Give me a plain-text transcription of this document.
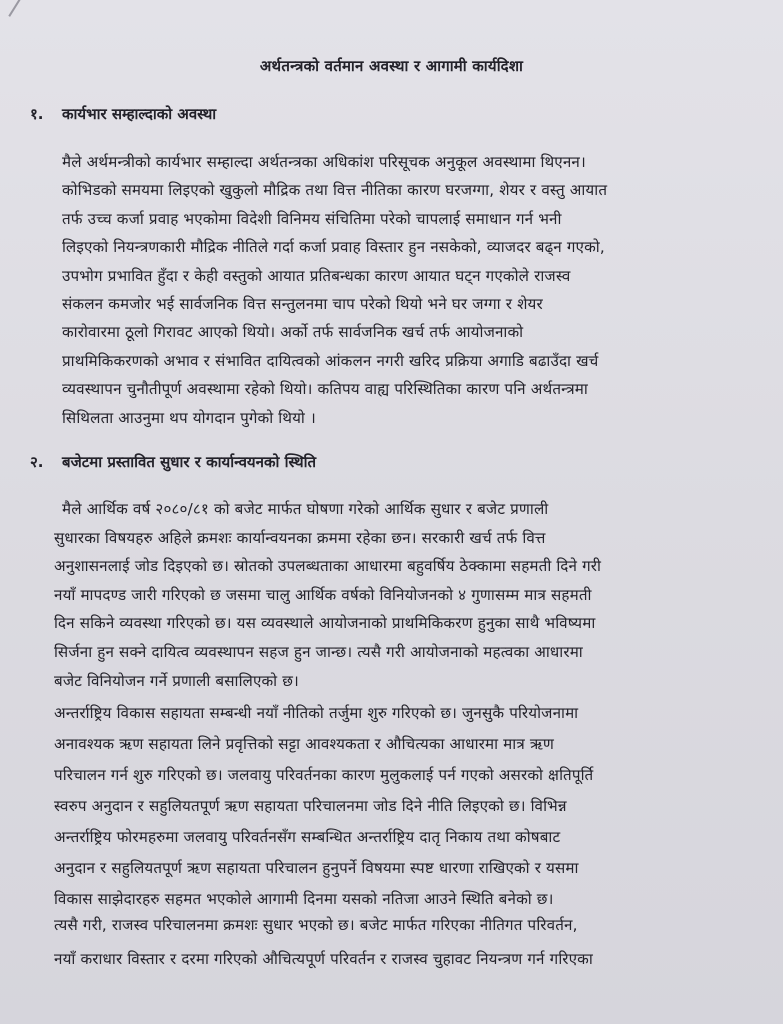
अर्थतन्त्रको वर्तमान अवस्था र आगामी कार्यदिशा
१. कार्यभार सम्हाल्दाको अवस्था
मैले अर्थमन्त्रीको कार्यभार सम्हाल्दा अर्थतन्त्रका अधिकांश परिसूचक अनुकूल अवस्थामा थिएनन।
कोभिडको समयमा लिइएको खुकुलो मौद्रिक तथा वित्त नीतिका कारण घरजग्गा, शेयर र वस्तु आयात
तर्फ उच्च कर्जा प्रवाह भएकोमा विदेशी विनिमय संचितिमा परेको चापलाई समाधान गर्न भनी
लिइएको नियन्त्रणकारी मौद्रिक नीतिले गर्दा कर्जा प्रवाह विस्तार हुन नसकेको, व्याजदर बढ्न गएको,
उपभोग प्रभावित हुँदा र केही वस्तुको आयात प्रतिबन्धका कारण आयात घट्न गएकोले राजस्व
संकलन कमजोर भई सार्वजनिक वित्त सन्तुलनमा चाप परेको थियो भने घर जग्गा र शेयर
कारोवारमा ठूलो गिरावट आएको थियो। अर्को तर्फ सार्वजनिक खर्च तर्फ आयोजनाको
प्राथमिकिकरणको अभाव र संभावित दायित्वको आंकलन नगरी खरिद प्रक्रिया अगाडि बढाउँदा खर्च
व्यवस्थापन चुनौतीपूर्ण अवस्थामा रहेको थियो। कतिपय वाह्य परिस्थितिका कारण पनि अर्थतन्त्रमा
सिथिलता आउनुमा थप योगदान पुगेको थियो ।
२. बजेटमा प्रस्तावित सुधार र कार्यान्वयनको स्थिति
मैले आर्थिक वर्ष २०८०/८१ को बजेट मार्फत घोषणा गरेको आर्थिक सुधार र बजेट प्रणाली
सुधारका विषयहरु अहिले क्रमशः कार्यान्वयनका क्रममा रहेका छन। सरकारी खर्च तर्फ वित्त
अनुशासनलाई जोड दिइएको छ। स्रोतको उपलब्धताका आधारमा बहुवर्षिय ठेक्कामा सहमती दिने गरी
नयाँ मापदण्ड जारी गरिएको छ जसमा चालु आर्थिक वर्षको विनियोजनको ४ गुणासम्म मात्र सहमती
दिन सकिने व्यवस्था गरिएको छ। यस व्यवस्थाले आयोजनाको प्राथमिकिकरण हुनुका साथै भविष्यमा
सिर्जना हुन सक्ने दायित्व व्यवस्थापन सहज हुन जान्छ। त्यसै गरी आयोजनाको महत्वका आधारमा
बजेट विनियोजन गर्ने प्रणाली बसालिएको छ।
अन्तर्राष्ट्रिय विकास सहायता सम्बन्धी नयाँ नीतिको तर्जुमा शुरु गरिएको छ। जुनसुकै परियोजनामा
अनावश्यक ऋण सहायता लिने प्रवृत्तिको सट्टा आवश्यकता र औचित्यका आधारमा मात्र ऋण
परिचालन गर्न शुरु गरिएको छ। जलवायु परिवर्तनका कारण मुलुकलाई पर्न गएको असरको क्षतिपूर्ति
स्वरुप अनुदान र सहुलियतपूर्ण ऋण सहायता परिचालनमा जोड दिने नीति लिइएको छ। विभिन्न
अन्तर्राष्ट्रिय फोरमहरुमा जलवायु परिवर्तनसँग सम्बन्धित अन्तर्राष्ट्रिय दातृ निकाय तथा कोषबाट
अनुदान र सहुलियतपूर्ण ऋण सहायता परिचालन हुनुपर्ने विषयमा स्पष्ट धारणा राखिएको र यसमा
विकास साझेदारहरु सहमत भएकोले आगामी दिनमा यसको नतिजा आउने स्थिति बनेको छ।
त्यसै गरी, राजस्व परिचालनमा क्रमशः सुधार भएको छ। बजेट मार्फत गरिएका नीतिगत परिवर्तन,
नयाँ कराधार विस्तार र दरमा गरिएको औचित्यपूर्ण परिवर्तन र राजस्व चुहावट नियन्त्रण गर्न गरिएका
